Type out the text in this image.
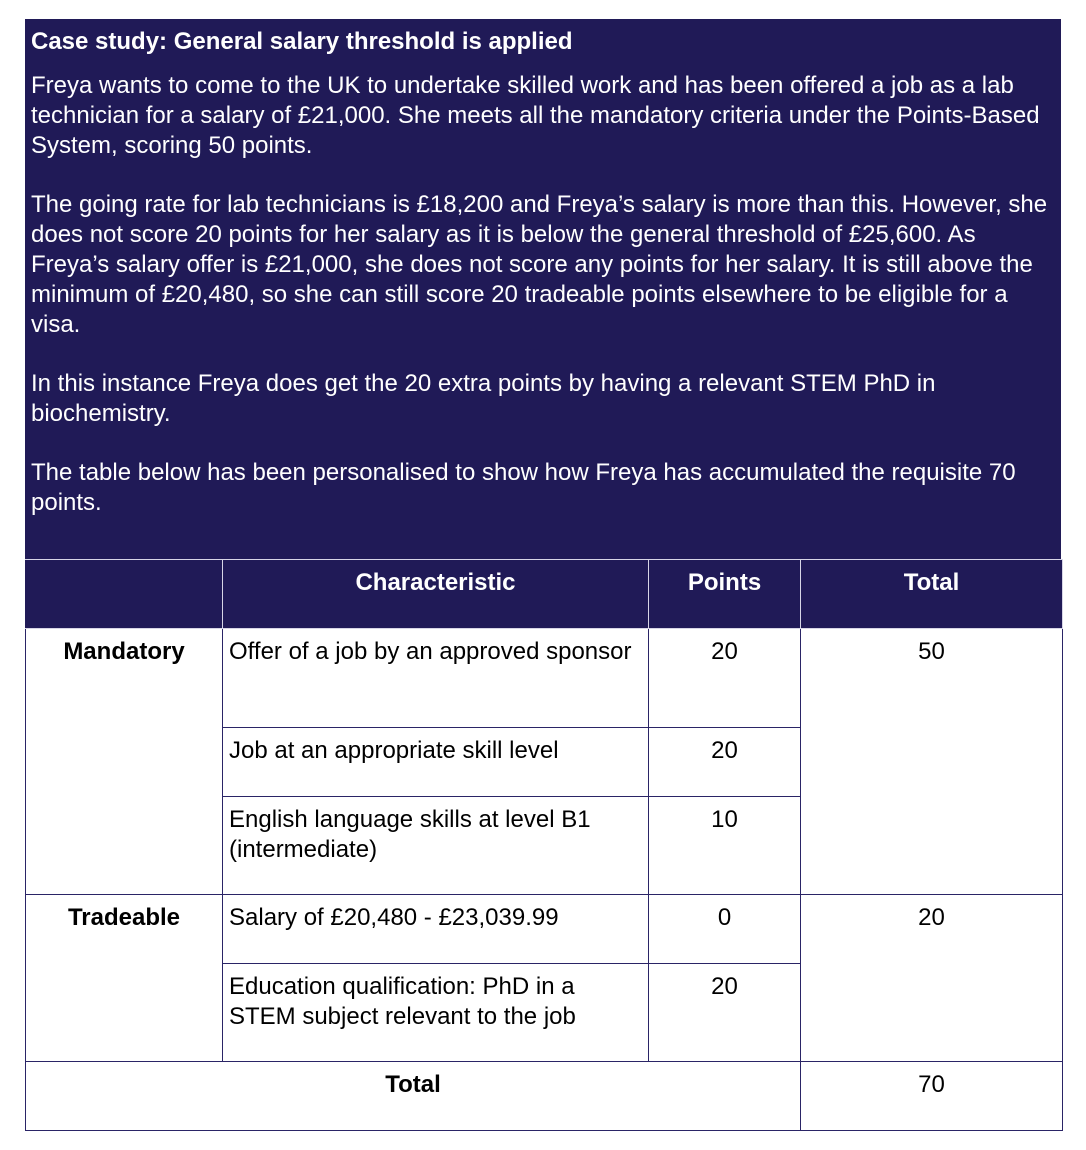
Case study: General salary threshold is applied

Freya wants to come to the UK to undertake skilled work and has been offered a job as a lab technician for a salary of £21,000. She meets all the mandatory criteria under the Points-Based System, scoring 50 points.

The going rate for lab technicians is £18,200 and Freya’s salary is more than this. However, she does not score 20 points for her salary as it is below the general threshold of £25,600. As Freya’s salary offer is £21,000, she does not score any points for her salary. It is still above the minimum of £20,480, so she can still score 20 tradeable points elsewhere to be eligible for a visa.

In this instance Freya does get the 20 extra points by having a relevant STEM PhD in biochemistry.

The table below has been personalised to show how Freya has accumulated the requisite 70 points.

	Characteristic	Points	Total
Mandatory	Offer of a job by an approved sponsor	20	50
	Job at an appropriate skill level	20	
	English language skills at level B1 (intermediate)	10	
Tradeable	Salary of £20,480 - £23,039.99	0	20
	Education qualification: PhD in a STEM subject relevant to the job	20	
Total			70
